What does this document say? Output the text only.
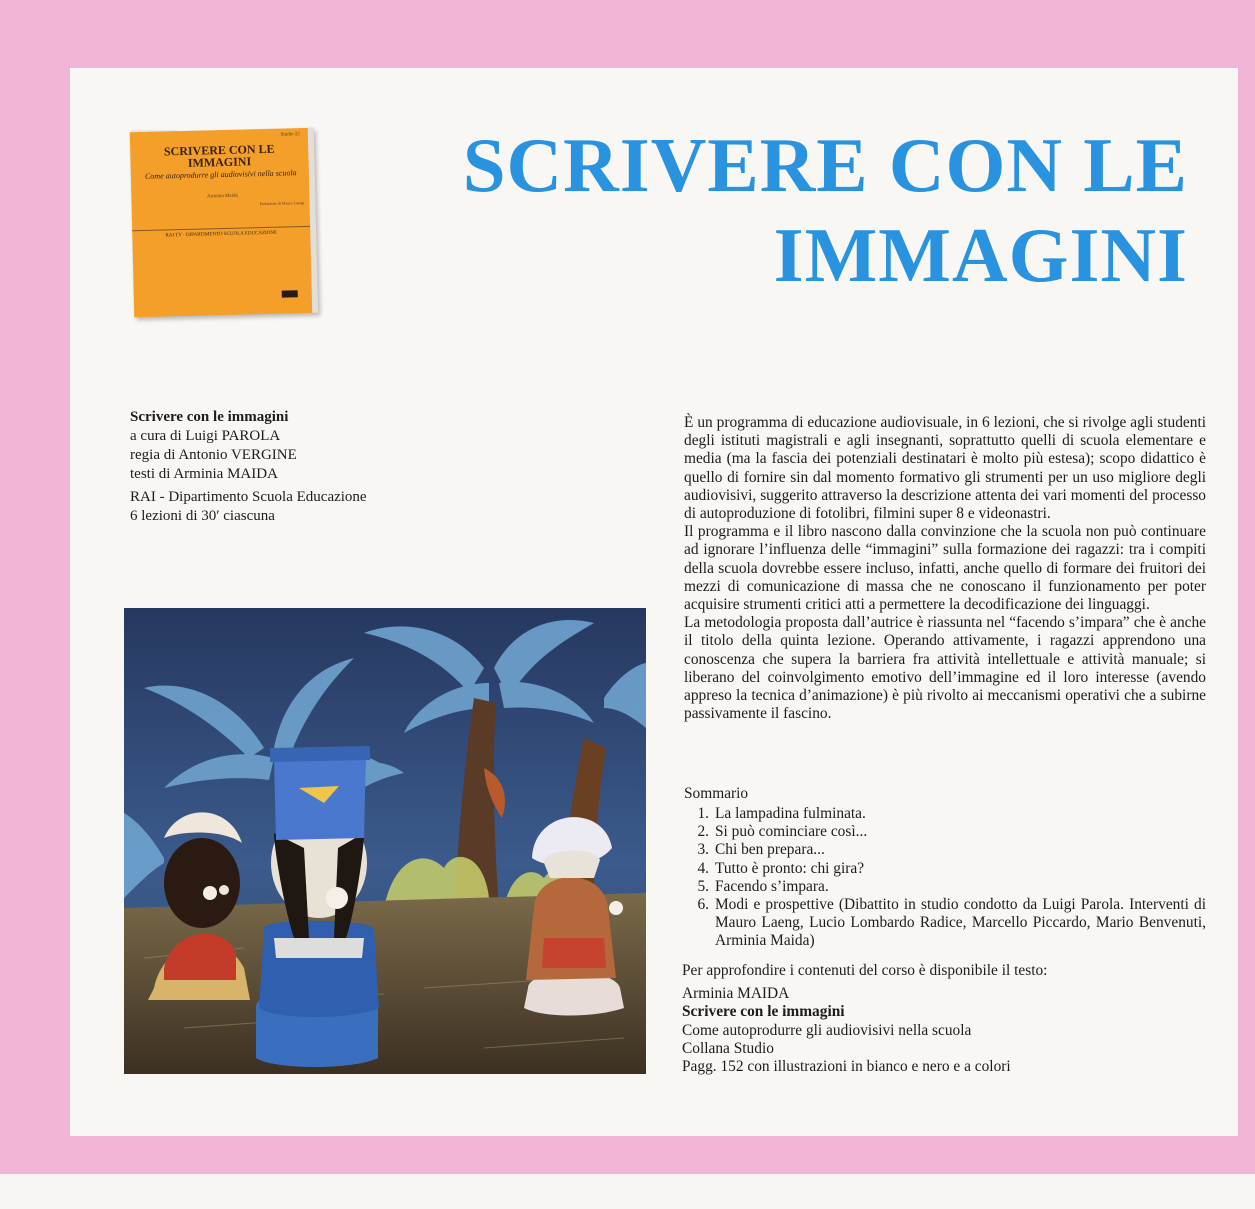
SCRIVERE CON LE IMMAGINI
Studio 22
SCRIVERE CON LE IMMAGINI
Come autoprodurre gli audiovisivi nella scuola
Arminia Maida
Prefazione di Mauro Laeng
RAI TV · DIPARTIMENTO SCUOLA EDUCAZIONE
Scrivere con le immagini
a cura di Luigi PAROLA
regia di Antonio VERGINE
testi di Arminia MAIDA
RAI - Dipartimento Scuola Educazione
6 lezioni di 30′ ciascuna

È un programma di educazione audiovisuale, in 6 lezioni, che si rivolge agli studenti degli istituti magistrali e agli insegnanti, soprattutto quelli di scuola elementare e media (ma la fascia dei potenziali destinatari è molto più estesa); scopo didattico è quello di fornire sin dal momento formativo gli strumenti per un uso migliore degli audiovisivi, suggerito attraverso la descrizione attenta dei vari momenti del processo di autoproduzione di fotolibri, filmini super 8 e videonastri.

Il programma e il libro nascono dalla convinzione che la scuola non può continuare ad ignorare l’influenza delle “immagini” sulla formazione dei ragazzi: tra i compiti della scuola dovrebbe essere incluso, infatti, anche quello di formare dei fruitori dei mezzi di comunicazione di massa che ne conoscano il funzionamento per poter acquisire strumenti critici atti a permettere la decodificazione dei linguaggi.

La metodologia proposta dall’autrice è riassunta nel “facendo s’impara” che è anche il titolo della quinta lezione. Operando attivamente, i ragazzi apprendono una conoscenza che supera la barriera fra attività intellettuale e attività manuale; si liberano del coinvolgimento emotivo dell’immagine ed il loro interesse (avendo appreso la tecnica d’animazione) è più rivolto ai meccanismi operativi che a subirne passivamente il fascino.

Sommario
1. La lampadina fulminata.
2. Si può cominciare così...
3. Chi ben prepara...
4. Tutto è pronto: chi gira?
5. Facendo s’impara.
6. Modi e prospettive (Dibattito in studio condotto da Luigi Parola. Interventi di Mauro Laeng, Lucio Lombardo Radice, Marcello Piccardo, Mario Benvenuti, Arminia Maida)
Per approfondire i contenuti del corso è disponibile il testo:
Arminia MAIDA
Scrivere con le immagini
Come autoprodurre gli audiovisivi nella scuola
Collana Studio
Pagg. 152 con illustrazioni in bianco e nero e a colori
